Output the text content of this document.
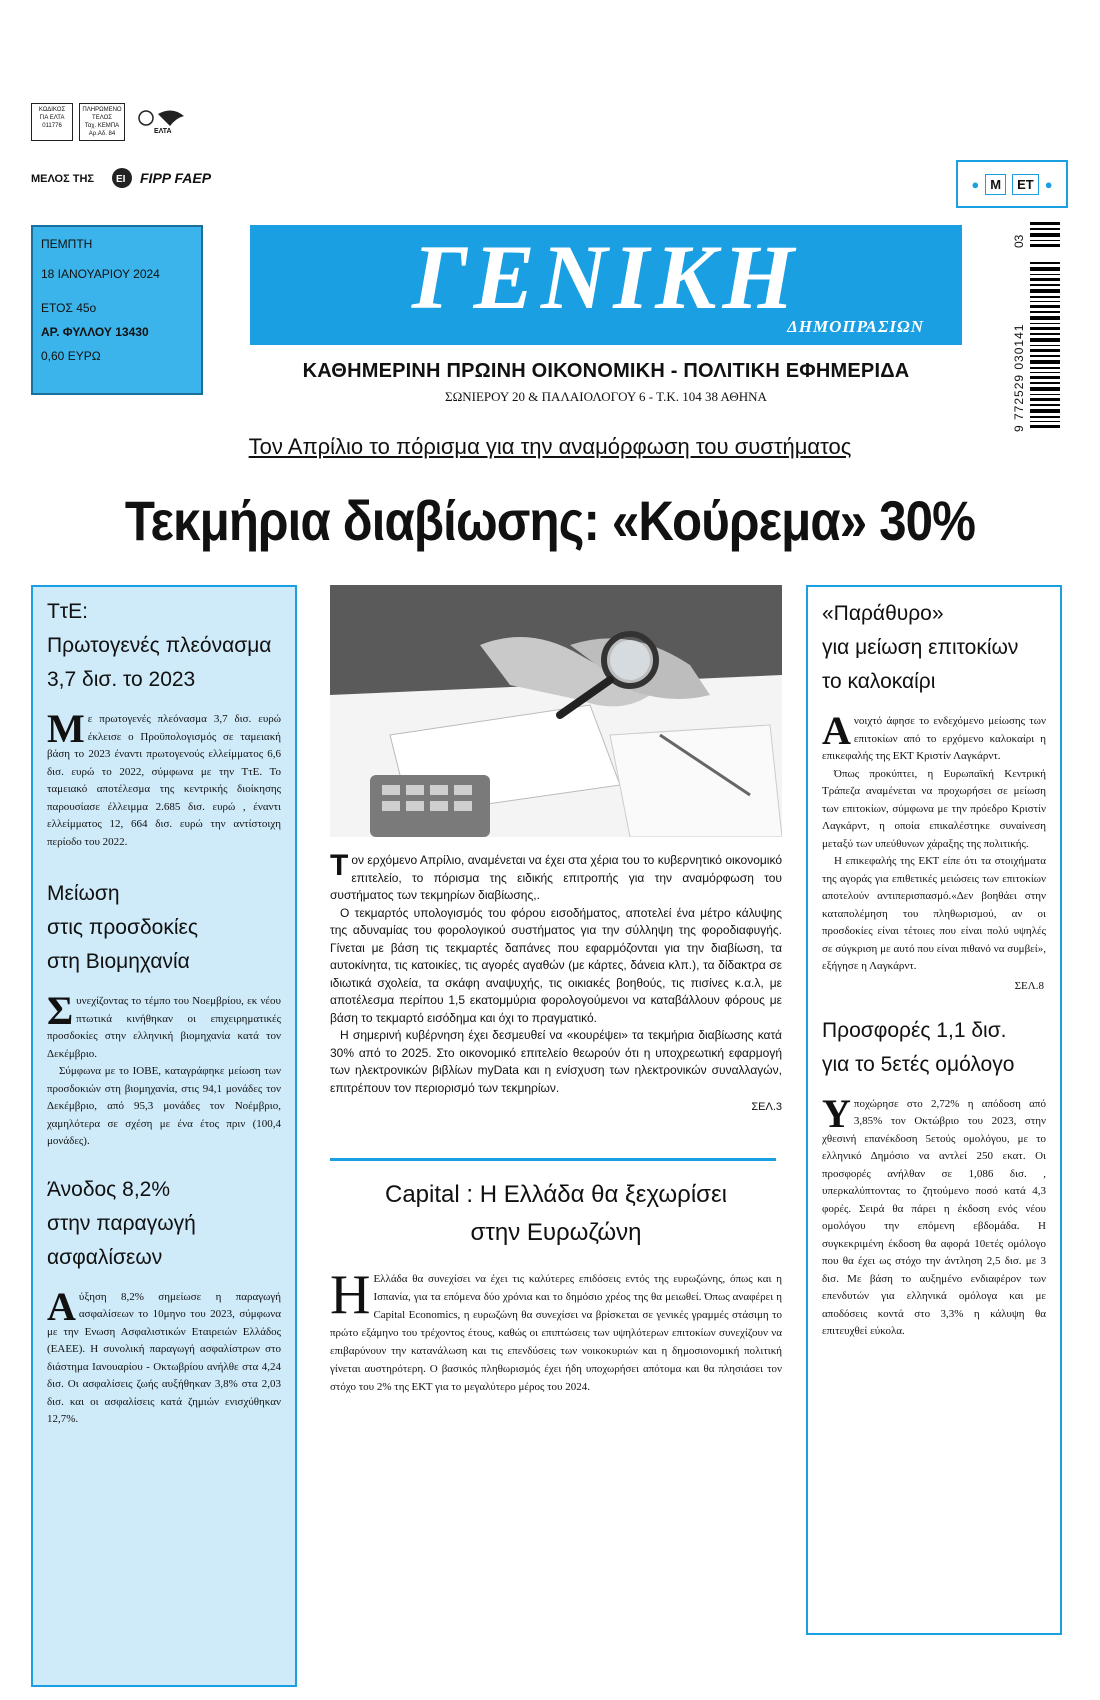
ΚΩΔΙΚΟΣ
ΓΙΑ ΕΛΤΑ
011776
ΠΛΗΡΩΜΕΝΟ
ΤΕΛΟΣ
Ταχ. ΚΕΜΠΑ
Αρ.Αδ. 84	ΕΛΤΑ
ΜΕΛΟΣ ΤΗΣ ΕΙ FIPP FAEP
ΠΕΜΠΤΗ
18 ΙΑΝΟΥΑΡΙΟΥ 2024
ΕΤΟΣ 45ο
ΑΡ. ΦΥΛΛΟΥ 13430
0,60 ΕΥΡΩ
ΓΕΝΙΚΗ
ΔΗΜΟΠΡΑΣΙΩΝ
ΚΑΘΗΜΕΡΙΝΗ ΠΡΩΙΝΗ ΟΙΚΟΝΟΜΙΚΗ - ΠΟΛΙΤΙΚΗ ΕΦΗΜΕΡΙΔΑ
ΣΩΝΙΕΡΟΥ 20 & ΠΑΛΑΙΟΛΟΓΟΥ 6 - Τ.Κ. 104 38 ΑΘΗΝΑ
● Μ	ΕΤ ●
03
9 772529 030141
Τον Απρίλιο το πόρισμα για την αναμόρφωση του συστήματος
Τεκμήρια διαβίωσης: «Κούρεμα» 30%
ΤτΕ:
Πρωτογενές πλεόνασμα
3,7 δισ. το 2023
Μ ε πρωτογενές πλεόνασμα 3,7 δισ. ευρώ έκλεισε ο Προϋπολογισμός σε ταμειακή βάση το 2023 έναντι πρωτογενούς ελλείμματος 6,6 δισ. ευρώ το 2022, σύμφωνα με την ΤτΕ. Το ταμειακό αποτέλεσμα της κεντρικής διοίκησης παρουσίασε έλλειμμα 2.685 δισ. ευρώ , έναντι ελλείμματος 12, 664 δισ. ευρώ την αντίστοιχη περίοδο του 2022.
Μείωση
στις προσδοκίες
στη Βιομηχανία
Σ υνεχίζοντας το τέμπο του Νοεμβρίου, εκ νέου πτωτικά κινήθηκαν οι επιχειρηματικές προσδοκίες στην ελληνική βιομηχανία κατά τον Δεκέμβριο.
Σύμφωνα με το ΙΟΒΕ, καταγράφηκε μείωση των προσδοκιών στη βιομηχανία, στις 94,1 μονάδες τον Δεκέμβριο, από 95,3 μονάδες τον Νοέμβριο, χαμηλότερα σε σχέση με ένα έτος πριν (100,4 μονάδες).
Άνοδος 8,2%
στην παραγωγή
ασφαλίσεων
Α ύξηση 8,2% σημείωσε η παραγωγή ασφαλίσεων το 10μηνο του 2023, σύμφωνα με την Ενωση Ασφαλιστικών Εταιρειών Ελλάδος (ΕΑΕΕ). Η συνολική παραγωγή ασφαλίστρων στο διάστημα Ιανουαρίου - Οκτωβρίου ανήλθε στα 4,24 δισ. Οι ασφαλίσεις ζωής αυξήθηκαν 3,8% στα 2,03 δισ. και οι ασφαλίσεις κατά ζημιών ενισχύθηκαν 12,7%.
Τ ον ερχόμενο Απρίλιο, αναμένεται να έχει στα χέρια του το κυβερνητικό οικονομικό επιτελείο, το πόρισμα της ειδικής επιτροπής για την αναμόρφωση του συστήματος των τεκμηρίων διαβίωσης,.
Ο τεκμαρτός υπολογισμός του φόρου εισοδήματος, αποτελεί ένα μέτρο κάλυψης της αδυναμίας του φορολογικού συστήματος για την σύλληψη της φοροδιαφυγής. Γίνεται με βάση τις τεκμαρτές δαπάνες που εφαρμόζονται για την διαβίωση, τα αυτοκίνητα, τις κατοικίες, τις αγορές αγαθών (με κάρτες, δάνεια κλπ.), τα δίδακτρα σε ιδιωτικά σχολεία, τα σκάφη αναψυχής, τις οικιακές βοηθούς, τις πισίνες κ.α.λ, με αποτέλεσμα περίπου 1,5 εκατομμύρια φορολογούμενοι να καταβάλλουν φόρους με βάση το τεκμαρτό εισόδημα και όχι το πραγματικό.
Η σημερινή κυβέρνηση έχει δεσμευθεί να «κουρέψει» τα τεκμήρια διαβίωσης κατά 30% από το 2025. Στο οικονομικό επιτελείο θεωρούν ότι η υποχρεωτική εφαρμογή των ηλεκτρονικών βιβλίων myData και η ενίσχυση των ηλεκτρονικών συναλλαγών, επιτρέπουν τον περιορισμό των τεκμηρίων.
ΣΕΛ.3
Capital : Η Ελλάδα θα ξεχωρίσει
στην Ευρωζώνη
Η Ελλάδα θα συνεχίσει να έχει τις καλύτερες επιδόσεις εντός της ευρωζώνης, όπως και η Ισπανία, για τα επόμενα δύο χρόνια και το δημόσιο χρέος της θα μειωθεί. Όπως αναφέρει η Capital Economics, η ευρωζώνη θα συνεχίσει να βρίσκεται σε γενικές γραμμές στάσιμη το πρώτο εξάμηνο του τρέχοντος έτους, καθώς οι επιπτώσεις των υψηλότερων επιτοκίων συνεχίζουν να επιβαρύνουν την κατανάλωση και τις επενδύσεις των νοικοκυριών και η δημοσιονομική πολιτική γίνεται αυστηρότερη. Ο βασικός πληθωρισμός έχει ήδη υποχωρήσει απότομα και θα πλησιάσει τον στόχο του 2% της ΕΚΤ για το μεγαλύτερο μέρος του 2024.
«Παράθυρο»
για μείωση επιτοκίων
το καλοκαίρι
Α νοιχτό άφησε το ενδεχόμενο μείωσης των επιτοκίων από το ερχόμενο καλοκαίρι η επικεφαλής της ΕΚΤ Κριστίν Λαγκάρντ.
Όπως προκύπτει, η Ευρωπαϊκή Κεντρική Τράπεζα αναμένεται να προχωρήσει σε μείωση των επιτοκίων, σύμφωνα με την πρόεδρο Κριστίν Λαγκάρντ, η οποία επικαλέστηκε συναίνεση μεταξύ των υπεύθυνων χάραξης της πολιτικής.
Η επικεφαλής της ΕΚΤ είπε ότι τα στοιχήματα της αγοράς για επιθετικές μειώσεις των επιτοκίων αποτελούν αντιπερισπασμό.«Δεν βοηθάει στην καταπολέμηση του πληθωρισμού, αν οι προσδοκίες είναι τέτοιες που είναι πολύ υψηλές σε σύγκριση με αυτό που είναι πιθανό να συμβεί», εξήγησε η Λαγκάρντ.
ΣΕΛ.8
Προσφορές 1,1 δισ.
για το 5ετές ομόλογο
Υ ποχώρησε στο 2,72% η απόδοση από 3,85% τον Οκτώβριο του 2023, στην χθεσινή επανέκδοση 5ετούς ομολόγου, με το ελληνικό Δημόσιο να αντλεί 250 εκατ. Οι προσφορές ανήλθαν σε 1,086 δισ. , υπερκαλύπτοντας το ζητούμενο ποσό κατά 4,3 φορές. Σειρά θα πάρει η έκδοση ενός νέου ομολόγου την επόμενη εβδομάδα. Η συγκεκριμένη έκδοση θα αφορά 10ετές ομόλογο που θα έχει ως στόχο την άντληση 2,5 δισ. με 3 δισ. Με βάση το αυξημένο ενδιαφέρον των επενδυτών για ελληνικά ομόλογα και με αποδόσεις κοντά στο 3,3% η κάλυψη θα επιτευχθεί εύκολα.
